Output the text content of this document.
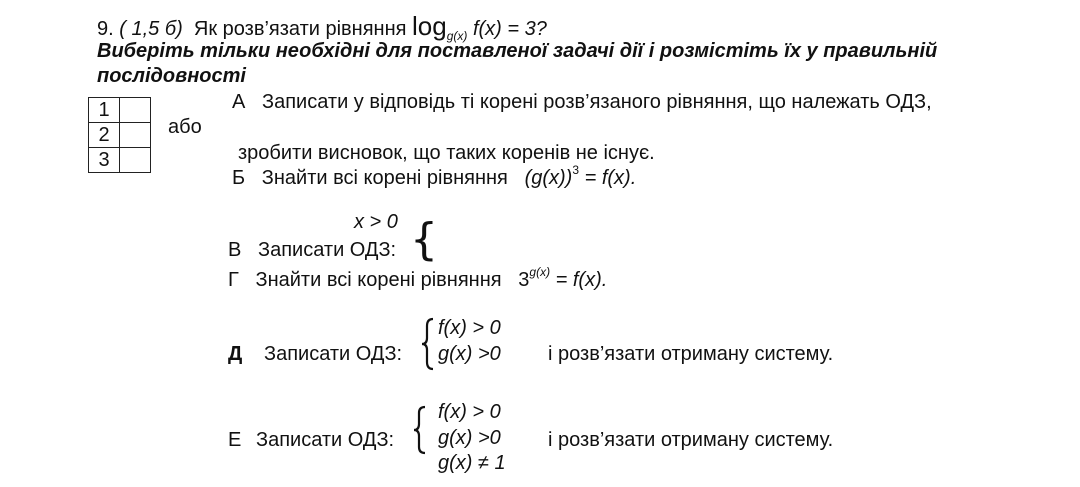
9. ( 1,5 б) Як розв’язати рівняння $\log_{g(x)} f(x) = 3$?
Виберіть тільки необхідні для поставленої задачі дії і розмістіть їх у правильній
послідовності
1	
2	
3	
або
А Записати у відповідь ті корені розв’язаного рівняння, що належать ОДЗ,
зробити висновок, що таких коренів не існує.
Б Знайти всі корені рівняння $(g(x))^3 = f(x)$.
x > 0
В Записати ОДЗ: {
Г Знайти всі корені рівняння $3^{g(x)} = f(x)$.
Д Записати ОДЗ:
f(x) > 0
g(x) >0 і розв’язати отриману систему.
Е Записати ОДЗ:
f(x) > 0
g(x) >0
g(x) ≠ 1
і розв’язати отриману систему.
